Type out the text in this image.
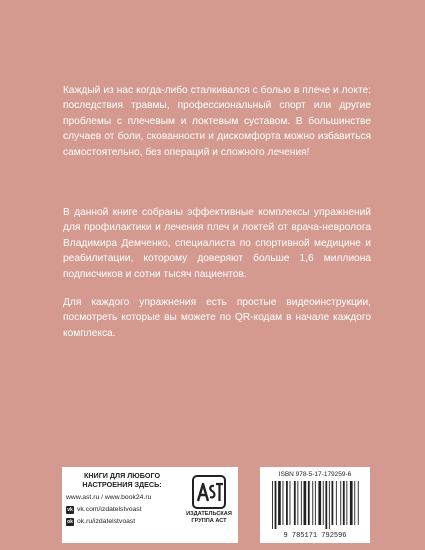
Каждый из нас когда-либо сталкивался с болью в плече и локте: последствия травмы, профессиональный спорт или другие проблемы с плечевым и локтевым суставом. В большинстве случаев от боли, скованности и дискомфорта можно избавиться самостоятельно, без операций и сложного лечения!

В данной книге собраны эффективные комплексы упражнений для профилактики и лечения плеч и локтей от врача-невролога Владимира Демченко, специалиста по спортивной медицине и реабилитации, которому доверяют больше 1,6 миллиона подписчиков и сотни тысяч пациентов.

Для каждого упражнения есть простые видеоинструкции, посмотреть которые вы можете по QR-кодам в начале каждого комплекса.

КНИГИ ДЛЯ ЛЮБОГО
НАСТРОЕНИЯ ЗДЕСЬ:
www.ast.ru / www.book24.ru
vk vk.com/izdatelstvoast
ok ok.ru/izdatelstvoast
ИЗДАТЕЛЬСКАЯ
ГРУППА АСТ
ISBN 978-5-17-179259-6
9 785171 792596
